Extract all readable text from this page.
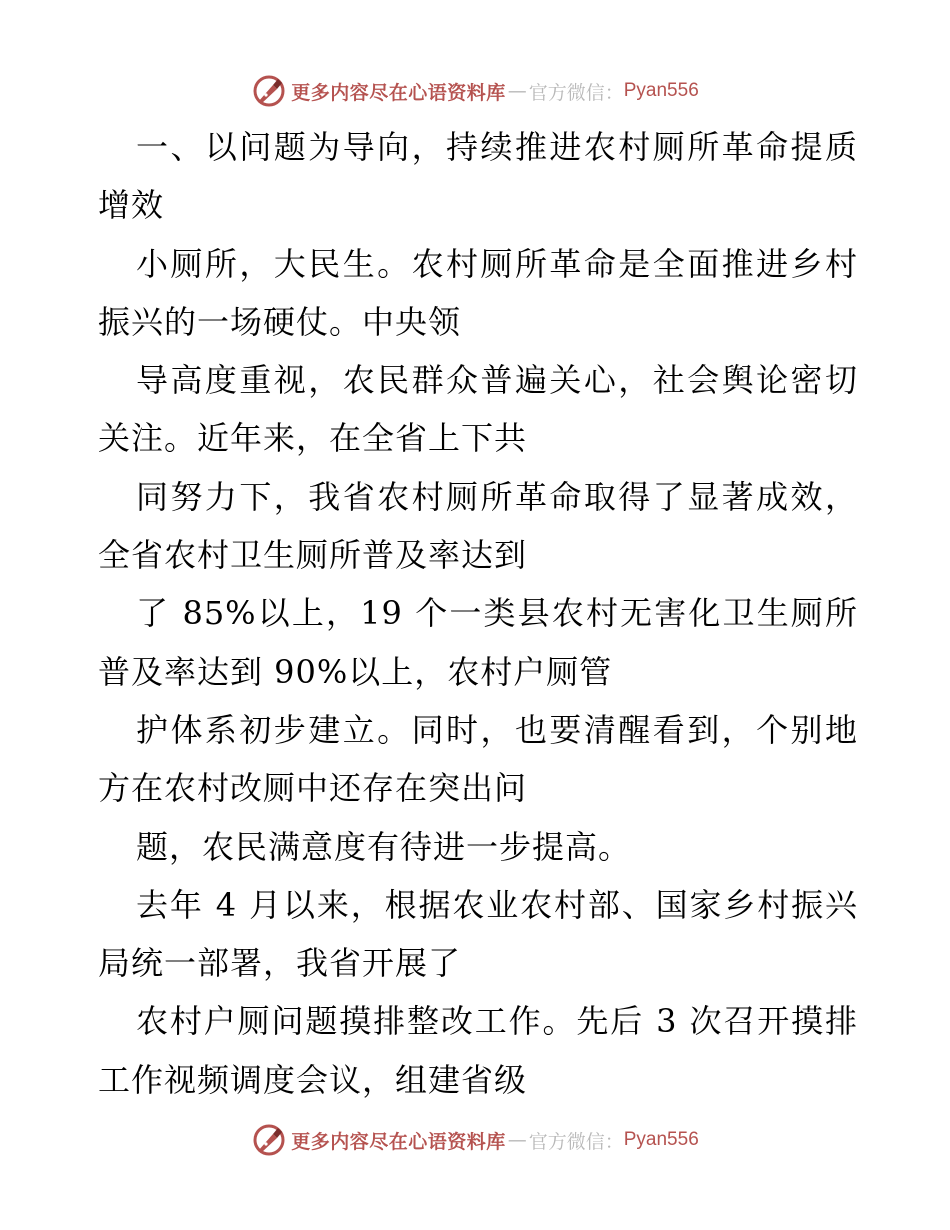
更多内容尽在心语资料库 — 官方微信： Pyan556

一、以问题为导向，持续推进农村厕所革命提质增效

小厕所，大民生。农村厕所革命是全面推进乡村振兴的一场硬仗。中央领

导高度重视，农民群众普遍关心，社会舆论密切关注。近年来，在全省上下共

同努力下，我省农村厕所革命取得了显著成效，全省农村卫生厕所普及率达到

了 85%以上，19 个一类县农村无害化卫生厕所普及率达到 90%以上，农村户厕管

护体系初步建立。同时，也要清醒看到，个别地方在农村改厕中还存在突出问

题，农民满意度有待进一步提高。

去年 4 月以来，根据农业农村部、国家乡村振兴局统一部署，我省开展了

农村户厕问题摸排整改工作。先后 3 次召开摸排工作视频调度会议，组建省级

更多内容尽在心语资料库 — 官方微信： Pyan556
